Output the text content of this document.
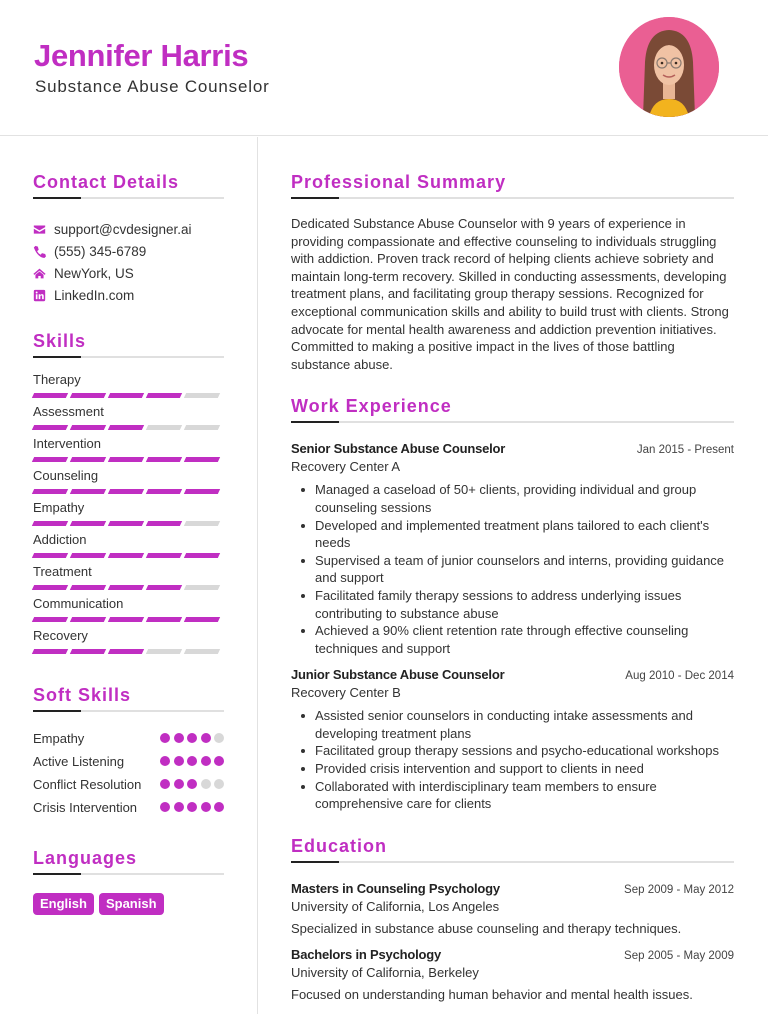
Jennifer Harris
Substance Abuse Counselor
Contact Details
support@cvdesigner.ai
(555) 345-6789
NewYork, US
LinkedIn.com
Skills
Therapy
Assessment
Intervention
Counseling
Empathy
Addiction
Treatment
Communication
Recovery
Soft Skills
Empathy
Active Listening
Conflict Resolution
Crisis Intervention
Languages
English	Spanish
Professional Summary

Dedicated Substance Abuse Counselor with 9 years of experience in providing compassionate and effective counseling to individuals struggling with addiction. Proven track record of helping clients achieve sobriety and maintain long-term recovery. Skilled in conducting assessments, developing treatment plans, and facilitating group therapy sessions. Recognized for exceptional communication skills and ability to build trust with clients. Strong advocate for mental health awareness and addiction prevention initiatives. Committed to making a positive impact in the lives of those battling substance abuse.

Work Experience
Senior Substance Abuse Counselor	Jan 2015 - Present
Recovery Center A
Managed a caseload of 50+ clients, providing individual and group counseling sessions
Developed and implemented treatment plans tailored to each client's needs
Supervised a team of junior counselors and interns, providing guidance and support
Facilitated family therapy sessions to address underlying issues contributing to substance abuse
Achieved a 90% client retention rate through effective counseling techniques and support
Junior Substance Abuse Counselor	Aug 2010 - Dec 2014
Recovery Center B
Assisted senior counselors in conducting intake assessments and developing treatment plans
Facilitated group therapy sessions and psycho-educational workshops
Provided crisis intervention and support to clients in need
Collaborated with interdisciplinary team members to ensure comprehensive care for clients
Education
Masters in Counseling Psychology	Sep 2009 - May 2012
University of California, Los Angeles
Specialized in substance abuse counseling and therapy techniques.
Bachelors in Psychology	Sep 2005 - May 2009
University of California, Berkeley
Focused on understanding human behavior and mental health issues.
